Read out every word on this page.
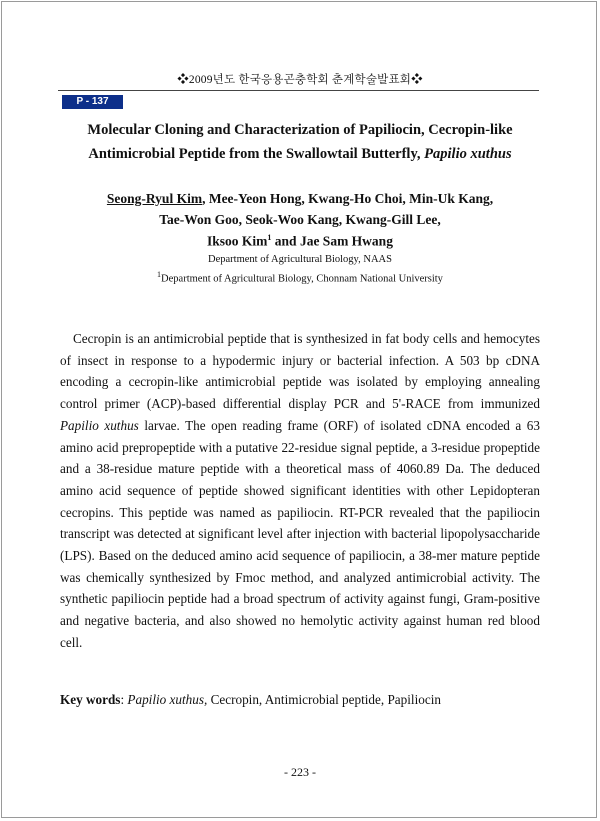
❖2009년도 한국응용곤충학회 춘계학술발표회❖
P - 137
Molecular Cloning and Characterization of Papiliocin, Cecropin-like
Antimicrobial Peptide from the Swallowtail Butterfly, Papilio xuthus
Seong-Ryul Kim, Mee-Yeon Hong, Kwang-Ho Choi, Min-Uk Kang,
Tae-Won Goo, Seok-Woo Kang, Kwang-Gill Lee,
Iksoo Kim$^1$ and Jae Sam Hwang
Department of Agricultural Biology, NAAS
$^1$Department of Agricultural Biology, Chonnam National University

Cecropin is an antimicrobial peptide that is synthesized in fat body cells and hemocytes of insect in response to a hypodermic injury or bacterial infection. A 503 bp cDNA encoding a cecropin-like antimicrobial peptide was isolated by employing annealing control primer (ACP)-based differential display PCR and 5'-RACE from immunized Papilio xuthus larvae. The open reading frame (ORF) of isolated cDNA encoded a 63 amino acid prepropeptide with a putative 22-residue signal peptide, a 3-residue propeptide and a 38-residue mature peptide with a theoretical mass of 4060.89 Da. The deduced amino acid sequence of peptide showed significant identities with other Lepidopteran cecropins. This peptide was named as papiliocin. RT-PCR revealed that the papiliocin transcript was detected at significant level after injection with bacterial lipopolysaccharide (LPS). Based on the deduced amino acid sequence of papiliocin, a 38-mer mature peptide was chemically synthesized by Fmoc method, and analyzed antimicrobial activity. The synthetic papiliocin peptide had a broad spectrum of activity against fungi, Gram-positive and negative bacteria, and also showed no hemolytic activity against human red blood cell.

Key words: Papilio xuthus, Cecropin, Antimicrobial peptide, Papiliocin
- 223 -
